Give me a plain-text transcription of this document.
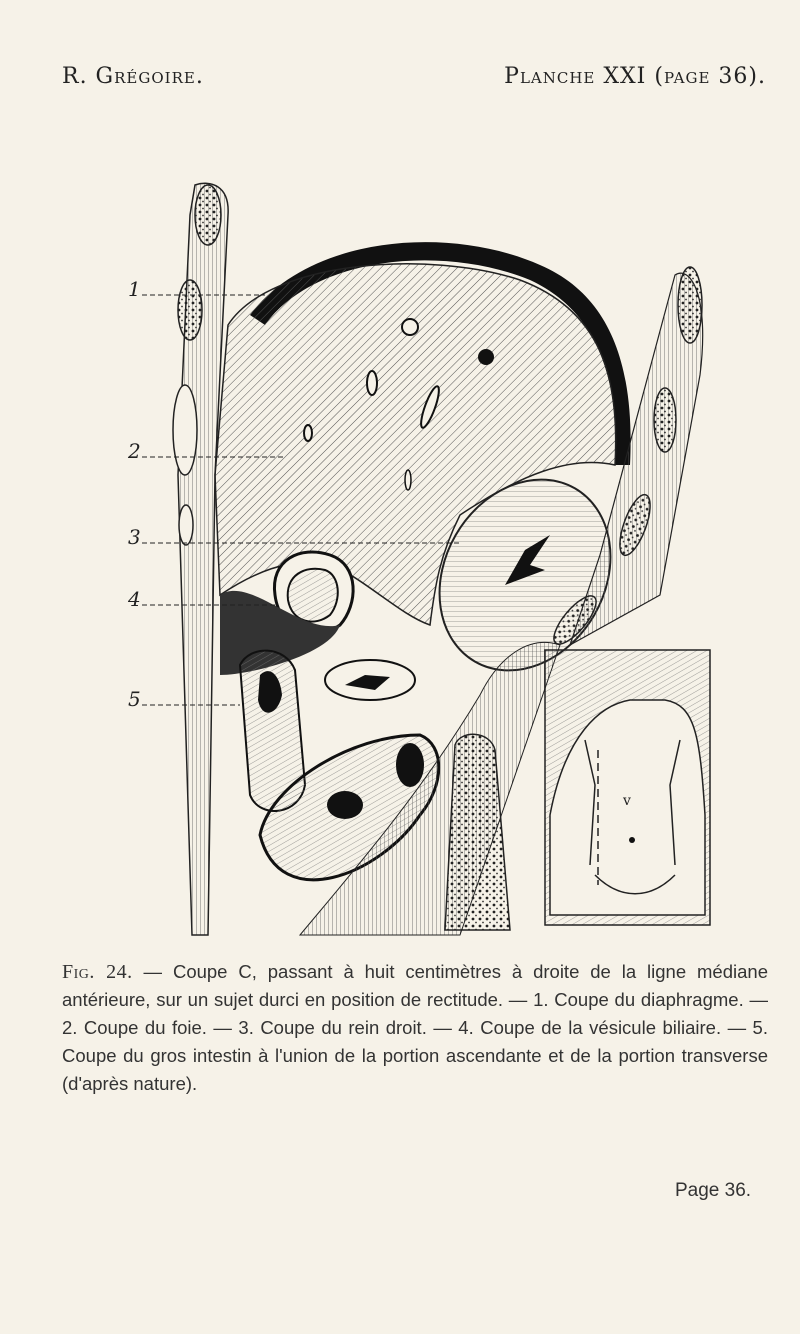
R. Grégoire.	Planche XXI (page 36).
1
2
3
4
5
v
Fig. 24. — Coupe C, passant à huit centimètres à droite de la ligne médiane antérieure, sur un sujet durci en position de rectitude. — 1. Coupe du diaphragme. — 2. Coupe du foie. — 3. Coupe du rein droit. — 4. Coupe de la vésicule biliaire. — 5. Coupe du gros intestin à l'union de la portion ascendante et de la portion transverse (d'après nature).
Page 36.
